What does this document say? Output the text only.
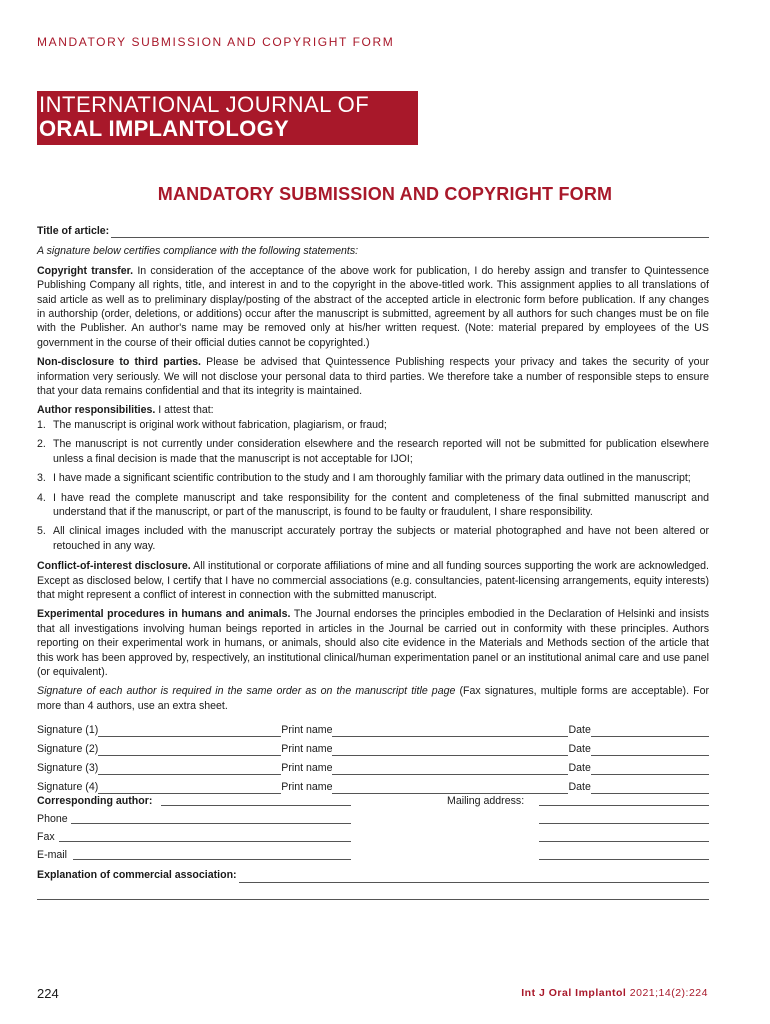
MANDATORY SUBMISSION AND COPYRIGHT FORM
INTERNATIONAL JOURNAL OF
ORAL IMPLANTOLOGY
MANDATORY SUBMISSION AND COPYRIGHT FORM
Title of article:

A signature below certifies compliance with the following statements:

Copyright transfer. In consideration of the acceptance of the above work for publication, I do hereby assign and transfer to Quintessence Publishing Company all rights, title, and interest in and to the copyright in the above-titled work. This assignment applies to all translations of said article as well as to preliminary display/posting of the abstract of the accepted article in electronic form before publication. If any changes in authorship (order, deletions, or additions) occur after the manuscript is submitted, agreement by all authors for such changes must be on file with the Publisher. An author's name may be removed only at his/her written request. (Note: material prepared by employees of the US government in the course of their official duties cannot be copyrighted.)

Non-disclosure to third parties. Please be advised that Quintessence Publishing respects your privacy and takes the security of your information very seriously. We will not disclose your personal data to third parties. We therefore take a number of responsible steps to ensure that your data remains confidential and that its integrity is maintained.

Author responsibilities. I attest that:

1. The manuscript is original work without fabrication, plagiarism, or fraud;
2. The manuscript is not currently under consideration elsewhere and the research reported will not be submitted for publication elsewhere unless a final decision is made that the manuscript is not acceptable for IJOI;
3. I have made a significant scientific contribution to the study and I am thoroughly familiar with the primary data outlined in the manuscript;
4. I have read the complete manuscript and take responsibility for the content and completeness of the final submitted manuscript and understand that if the manuscript, or part of the manuscript, is found to be faulty or fraudulent, I share responsibility.
5. All clinical images included with the manuscript accurately portray the subjects or material photographed and have not been altered or retouched in any way.

Conflict-of-interest disclosure. All institutional or corporate affiliations of mine and all funding sources supporting the work are acknowledged. Except as disclosed below, I certify that I have no commercial associations (e.g. consultancies, patent-licensing arrangements, equity interests) that might represent a conflict of interest in connection with the submitted manuscript.

Experimental procedures in humans and animals. The Journal endorses the principles embodied in the Declaration of Helsinki and insists that all investigations involving human beings reported in articles in the Journal be carried out in conformity with these principles. Authors reporting on their experimental work in humans, or animals, should also cite evidence in the Materials and Methods section of the article that this work has been approved by, respectively, an institutional clinical/human experimentation panel or an institutional animal care and use panel (or equivalent).

Signature of each author is required in the same order as on the manuscript title page (Fax signatures, multiple forms are acceptable). For more than 4 authors, use an extra sheet.

Signature (1)	Print name	Date
Signature (2)	Print name	Date
Signature (3)	Print name	Date
Signature (4)	Print name	Date
Corresponding author:	Mailing address:
Phone
Fax
E-mail
Explanation of commercial association:
224	Int J Oral Implantol 2021;14(2):224
